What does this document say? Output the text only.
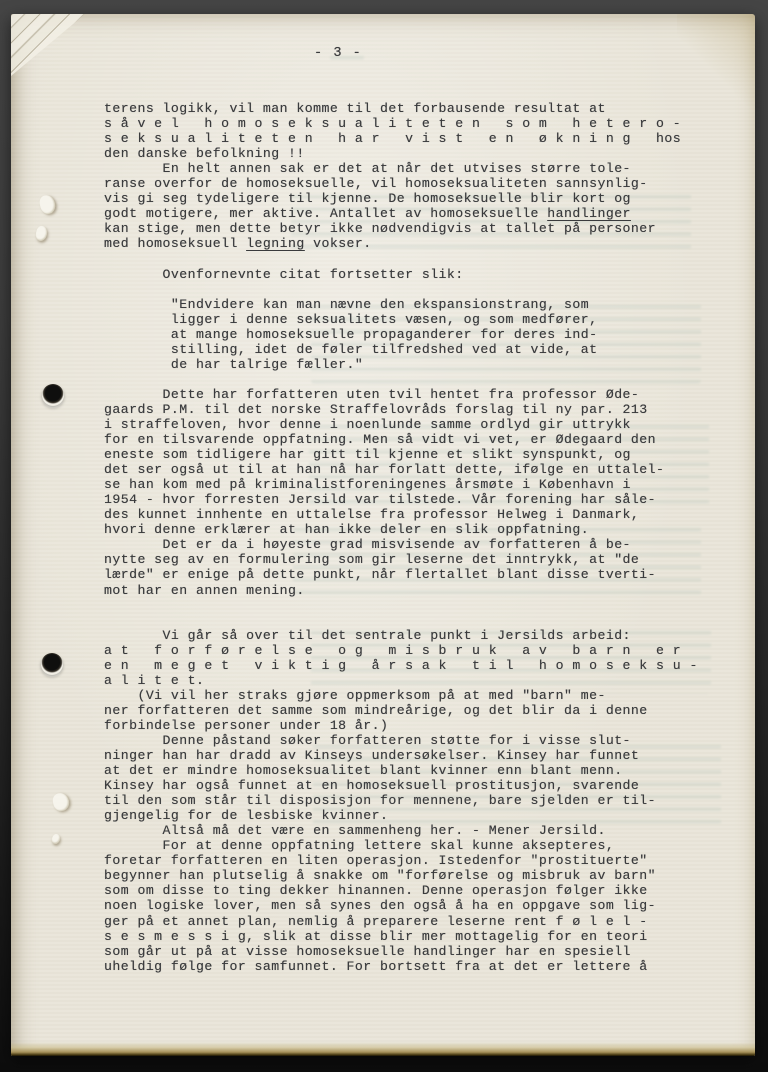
- 3 -
terens logikk, vil man komme til det forbausende resultat at
s å v e l   h o m o s e k s u a l i t e t e n   s o m   h e t e r o -
s e k s u a l i t e t e n   h a r   v i s t   e n   ø k n i n g   hos
den danske befolkning !!
En helt annen sak er det at når det utvises større tole-
ranse overfor de homoseksuelle, vil homoseksualiteten sannsynlig-
vis gi seg tydeligere til kjenne. De homoseksuelle blir kort og
godt motigere, mer aktive. Antallet av homoseksuelle handlinger
kan stige, men dette betyr ikke nødvendigvis at tallet på personer
med homoseksuell legning vokser.

Ovenfornevnte citat fortsetter slik:

"Endvidere kan man nævne den ekspansionstrang, som
ligger i denne seksualitets væsen, og som medfører,
at mange homoseksuelle propaganderer for deres ind-
stilling, idet de føler tilfredshed ved at vide, at
de har talrige fæller."

Dette har forfatteren uten tvil hentet fra professor Øde-
gaards P.M. til det norske Straffelovråds forslag til ny par. 213
i straffeloven, hvor denne i noenlunde samme ordlyd gir uttrykk
for en tilsvarende oppfatning. Men så vidt vi vet, er Ødegaard den
eneste som tidligere har gitt til kjenne et slikt synspunkt, og
det ser også ut til at han nå har forlatt dette, ifølge en uttalel-
se han kom med på kriminalistforeningenes årsmøte i København i
1954 - hvor forresten Jersild var tilstede. Vår forening har såle-
des kunnet innhente en uttalelse fra professor Helweg i Danmark,
hvori denne erklærer at han ikke deler en slik oppfatning.
Det er da i høyeste grad misvisende av forfatteren å be-
nytte seg av en formulering som gir leserne det inntrykk, at "de
lærde" er enige på dette punkt, når flertallet blant disse tverti-
mot har en annen mening.

Vi går så over til det sentrale punkt i Jersilds arbeid:
a t   f o r f ø r e l s e   o g   m i s b r u k   a v   b a r n   e r
e n   m e g e t   v i k t i g   å r s a k   t i l   h o m o s e k s u -
a l i t e t.
(Vi vil her straks gjøre oppmerksom på at med "barn" me-
ner forfatteren det samme som mindreårige, og det blir da i denne
forbindelse personer under 18 år.)
Denne påstand søker forfatteren støtte for i visse slut-
ninger han har dradd av Kinseys undersøkelser. Kinsey har funnet
at det er mindre homoseksualitet blant kvinner enn blant menn.
Kinsey har også funnet at en homoseksuell prostitusjon, svarende
til den som står til disposisjon for mennene, bare sjelden er til-
gjengelig for de lesbiske kvinner.
Altså må det være en sammenheng her. - Mener Jersild.
For at denne oppfatning lettere skal kunne aksepteres,
foretar forfatteren en liten operasjon. Istedenfor "prostituerte"
begynner han plutselig å snakke om "forførelse og misbruk av barn"
som om disse to ting dekker hinannen. Denne operasjon følger ikke
noen logiske lover, men så synes den også å ha en oppgave som lig-
ger på et annet plan, nemlig å preparere leserne rent f ø l e l -
s e s m e s s i g, slik at disse blir mer mottagelig for en teori
som går ut på at visse homoseksuelle handlinger har en spesiell
uheldig følge for samfunnet. For bortsett fra at det er lettere å
